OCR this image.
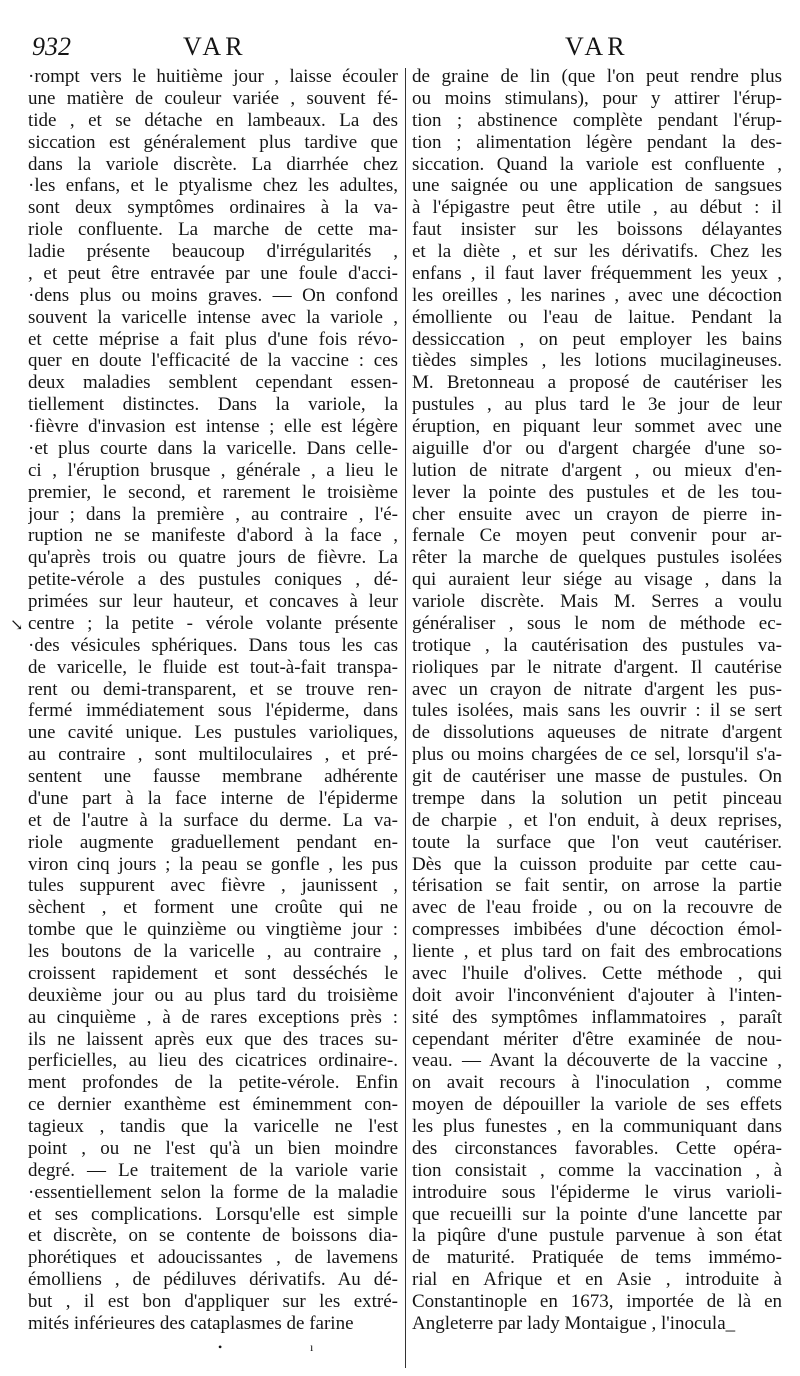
932	VAR	VAR
↘
·rompt vers le huitième jour , laisse écouler
une matière de couleur variée , souvent fé-
tide , et se détache en lambeaux. La des
siccation est généralement plus tardive que
dans la variole discrète. La diarrhée chez
·les enfans, et le ptyalisme chez les adultes,
sont deux symptômes ordinaires à la va-
riole confluente. La marche de cette ma-
ladie présente beaucoup d'irrégularités ,
, et peut être entravée par une foule d'acci-
·dens plus ou moins graves. — On confond
souvent la varicelle intense avec la variole ,
et cette méprise a fait plus d'une fois révo-
quer en doute l'efficacité de la vaccine : ces
deux maladies semblent cependant essen-
tiellement distinctes. Dans la variole, la
·fièvre d'invasion est intense ; elle est légère
·et plus courte dans la varicelle. Dans celle-
ci , l'éruption brusque , générale , a lieu le
premier, le second, et rarement le troisième
jour ; dans la première , au contraire , l'é-
ruption ne se manifeste d'abord à la face ,
qu'après trois ou quatre jours de fièvre. La
petite-vérole a des pustules coniques , dé-
primées sur leur hauteur, et concaves à leur
centre ; la petite - vérole volante présente
·des vésicules sphériques. Dans tous les cas
de varicelle, le fluide est tout-à-fait transpa-
rent ou demi-transparent, et se trouve ren-
fermé immédiatement sous l'épiderme, dans
une cavité unique. Les pustules varioliques,
au contraire , sont multiloculaires , et pré-
sentent une fausse membrane adhérente
d'une part à la face interne de l'épiderme
et de l'autre à la surface du derme. La va-
riole augmente graduellement pendant en-
viron cinq jours ; la peau se gonfle , les pus
tules suppurent avec fièvre , jaunissent ,
sèchent , et forment une croûte qui ne
tombe que le quinzième ou vingtième jour :
les boutons de la varicelle , au contraire ,
croissent rapidement et sont desséchés le
deuxième jour ou au plus tard du troisième
au cinquième , à de rares exceptions près :
ils ne laissent après eux que des traces su-
perficielles, au lieu des cicatrices ordinaire-.
ment profondes de la petite-vérole. Enfin
ce dernier exanthème est éminemment con-
tagieux , tandis que la varicelle ne l'est
point , ou ne l'est qu'à un bien moindre
degré. — Le traitement de la variole varie
·essentiellement selon la forme de la maladie
et ses complications. Lorsqu'elle est simple
et discrète, on se contente de boissons dia-
phorétiques et adoucissantes , de lavemens
émolliens , de pédiluves dérivatifs. Au dé-
but , il est bon d'appliquer sur les extré-
mités inférieures des cataplasmes de farine
de graine de lin (que l'on peut rendre plus
ou moins stimulans), pour y attirer l'érup-
tion ; abstinence complète pendant l'érup-
tion ; alimentation légère pendant la des-
siccation. Quand la variole est confluente ,
une saignée ou une application de sangsues
à l'épigastre peut être utile , au début : il
faut insister sur les boissons délayantes
et la diète , et sur les dérivatifs. Chez les
enfans , il faut laver fréquemment les yeux ,
les oreilles , les narines , avec une décoction
émolliente ou l'eau de laitue. Pendant la
dessiccation , on peut employer les bains
tièdes simples , les lotions mucilagineuses.
M. Bretonneau a proposé de cautériser les
pustules , au plus tard le 3e jour de leur
éruption, en piquant leur sommet avec une
aiguille d'or ou d'argent chargée d'une so-
lution de nitrate d'argent , ou mieux d'en-
lever la pointe des pustules et de les tou-
cher ensuite avec un crayon de pierre in-
fernale Ce moyen peut convenir pour ar-
rêter la marche de quelques pustules isolées
qui auraient leur siége au visage , dans la
variole discrète. Mais M. Serres a voulu
généraliser , sous le nom de méthode ec-
trotique , la cautérisation des pustules va-
rioliques par le nitrate d'argent. Il cautérise
avec un crayon de nitrate d'argent les pus-
tules isolées, mais sans les ouvrir : il se sert
de dissolutions aqueuses de nitrate d'argent
plus ou moins chargées de ce sel, lorsqu'il s'a-
git de cautériser une masse de pustules. On
trempe dans la solution un petit pinceau
de charpie , et l'on enduit, à deux reprises,
toute la surface que l'on veut cautériser.
Dès que la cuisson produite par cette cau-
térisation se fait sentir, on arrose la partie
avec de l'eau froide , ou on la recouvre de
compresses imbibées d'une décoction émol-
liente , et plus tard on fait des embrocations
avec l'huile d'olives. Cette méthode , qui
doit avoir l'inconvénient d'ajouter à l'inten-
sité des symptômes inflammatoires , paraît
cependant mériter d'être examinée de nou-
veau. — Avant la découverte de la vaccine ,
on avait recours à l'inoculation , comme
moyen de dépouiller la variole de ses effets
les plus funestes , en la communiquant dans
des circonstances favorables. Cette opéra-
tion consistait , comme la vaccination , à
introduire sous l'épiderme le virus varioli-
que recueilli sur la pointe d'une lancette par
la piqûre d'une pustule parvenue à son état
de maturité. Pratiquée de tems immémo-
rial en Afrique et en Asie , introduite à
Constantinople en 1673, importée de là en
Angleterre par lady Montaigue , l'inocula_
•	ı
